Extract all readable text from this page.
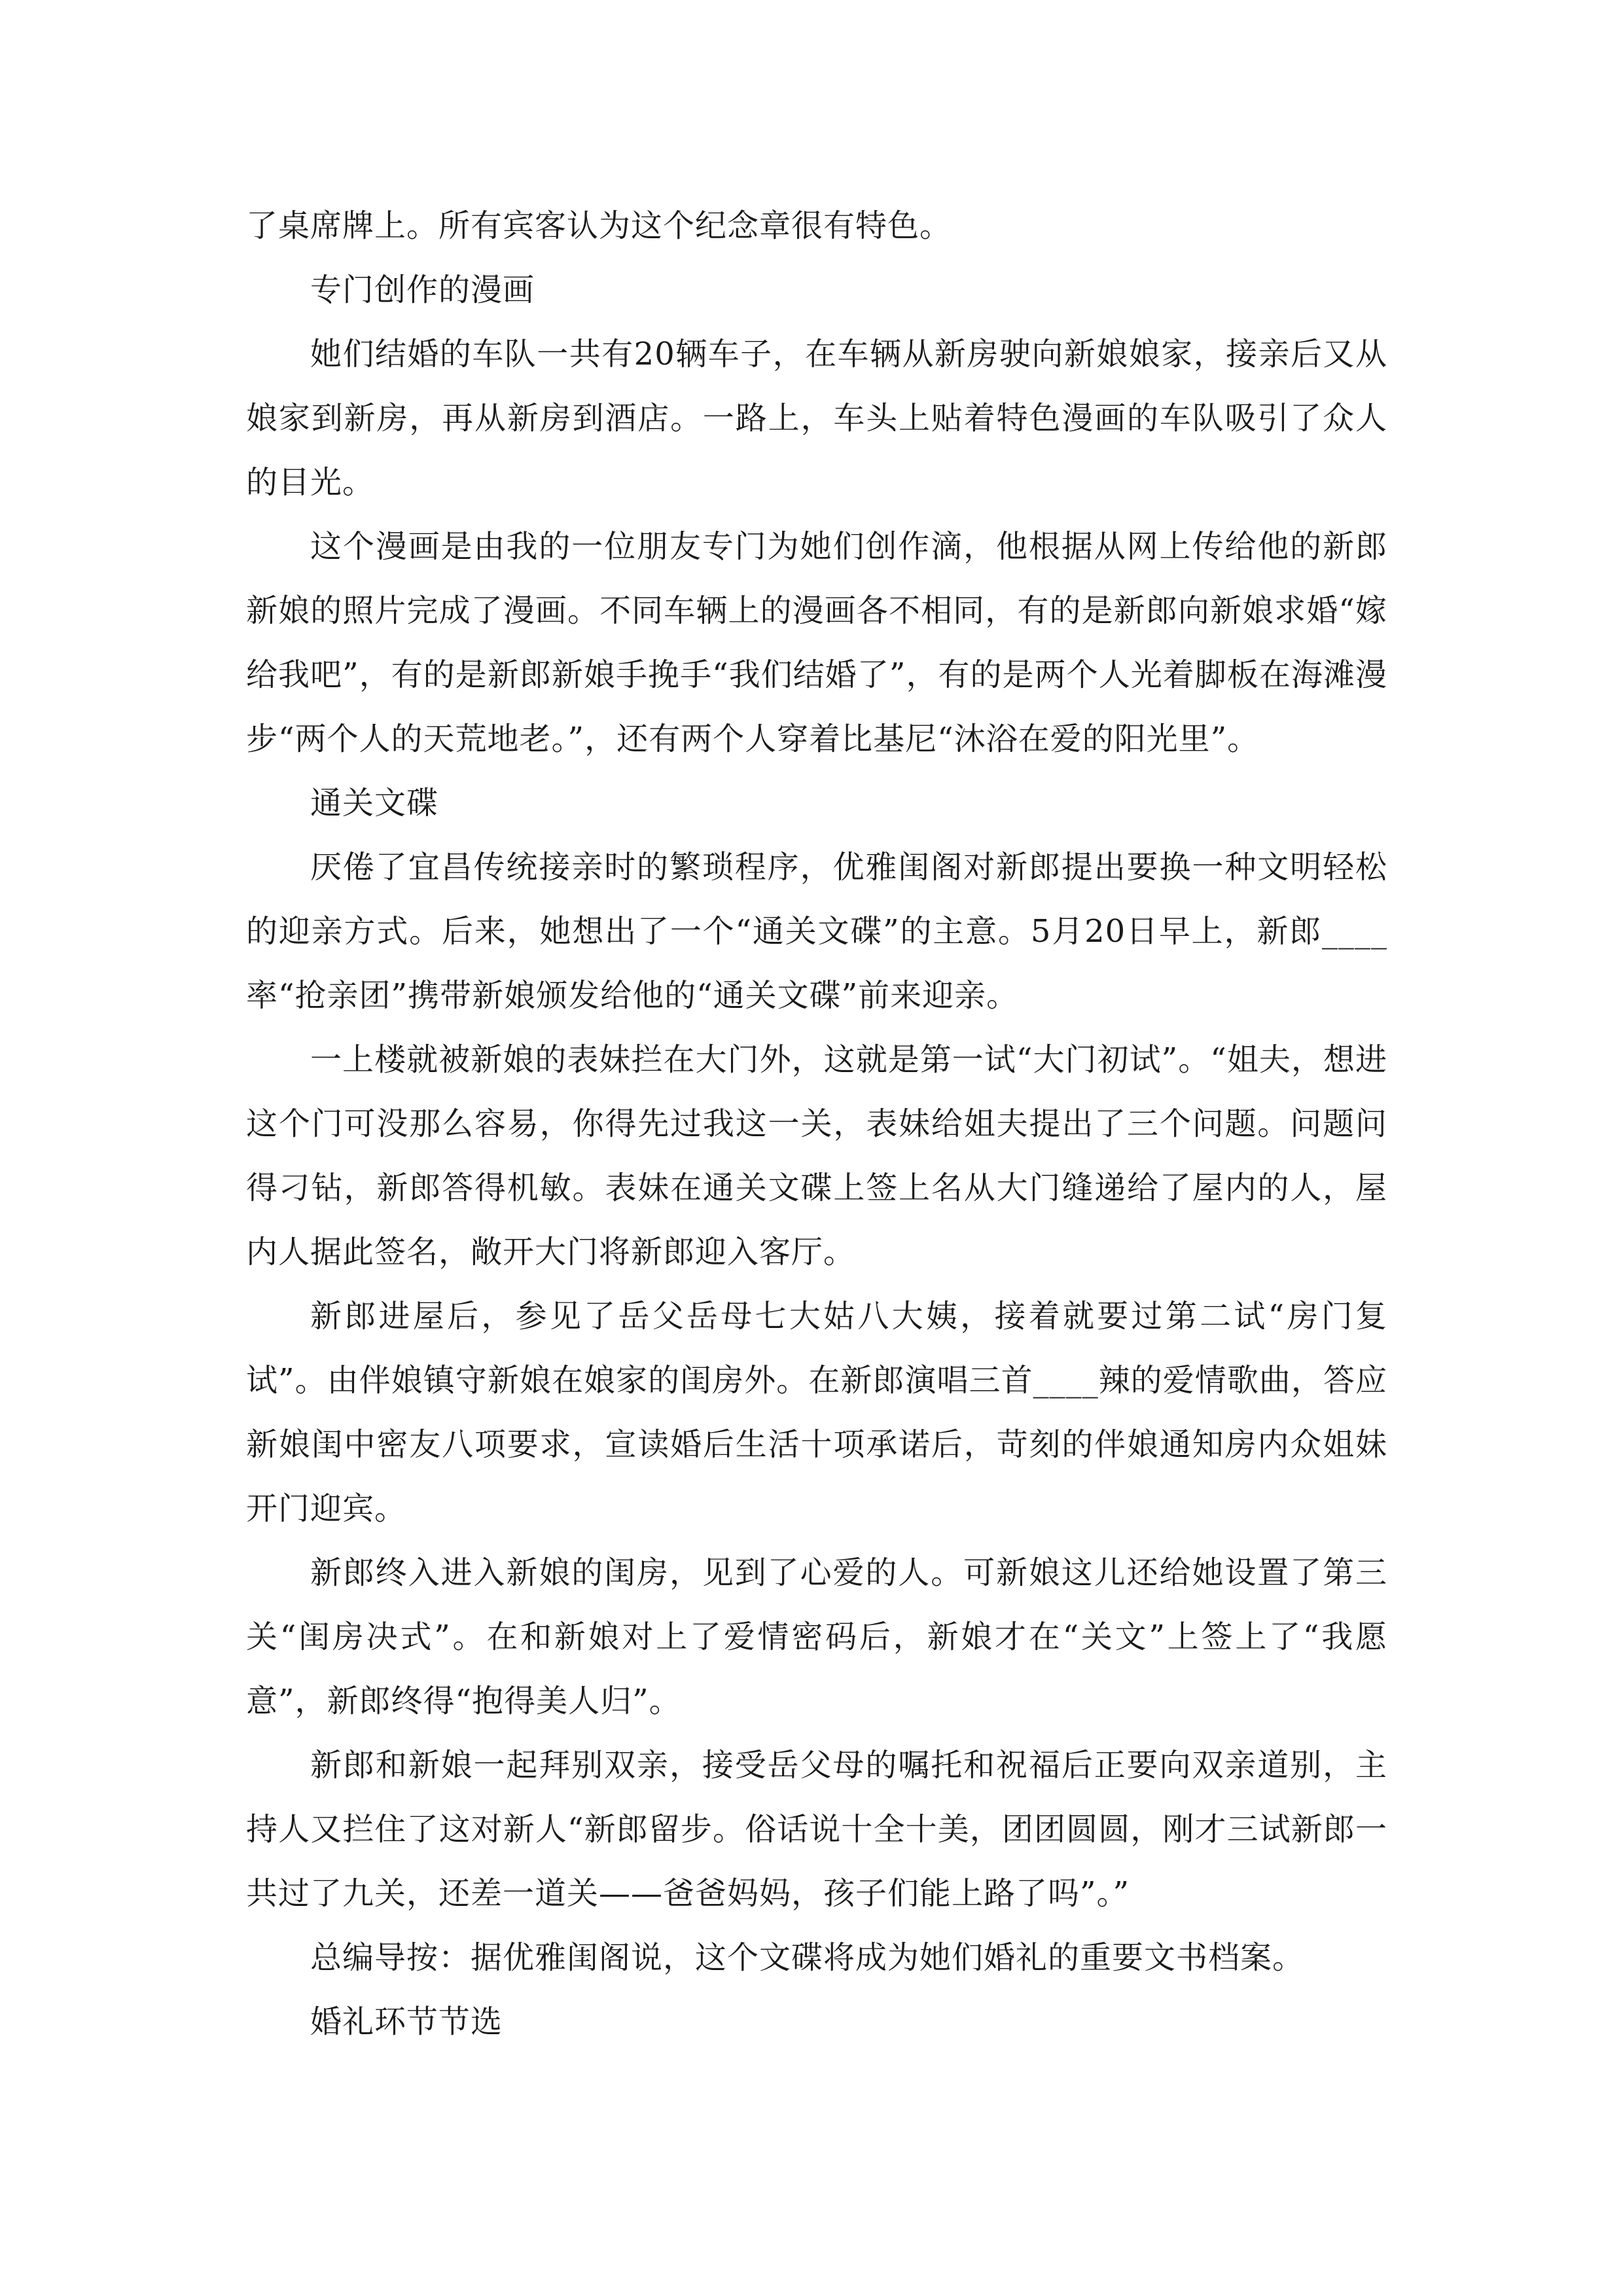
了桌席牌上。所有宾客认为这个纪念章很有特色。

专门创作的漫画

她们结婚的车队一共有20辆车子，在车辆从新房驶向新娘娘家，接亲后又从娘家到新房，再从新房到酒店。一路上，车头上贴着特色漫画的车队吸引了众人的目光。

这个漫画是由我的一位朋友专门为她们创作滴，他根据从网上传给他的新郎新娘的照片完成了漫画。不同车辆上的漫画各不相同，有的是新郎向新娘求婚“嫁给我吧”，有的是新郎新娘手挽手“我们结婚了”，有的是两个人光着脚板在海滩漫步“两个人的天荒地老。”，还有两个人穿着比基尼“沐浴在爱的阳光里”。

通关文碟

厌倦了宜昌传统接亲时的繁琐程序，优雅闺阁对新郎提出要换一种文明轻松的迎亲方式。后来，她想出了一个“通关文碟”的主意。5月20日早上，新郎____率“抢亲团”携带新娘颁发给他的“通关文碟”前来迎亲。

一上楼就被新娘的表妹拦在大门外，这就是第一试“大门初试”。“姐夫，想进这个门可没那么容易，你得先过我这一关，表妹给姐夫提出了三个问题。问题问得刁钻，新郎答得机敏。表妹在通关文碟上签上名从大门缝递给了屋内的人，屋内人据此签名，敞开大门将新郎迎入客厅。

新郎进屋后，参见了岳父岳母七大姑八大姨，接着就要过第二试“房门复试”。由伴娘镇守新娘在娘家的闺房外。在新郎演唱三首____辣的爱情歌曲，答应新娘闺中密友八项要求，宣读婚后生活十项承诺后，苛刻的伴娘通知房内众姐妹开门迎宾。

新郎终入进入新娘的闺房，见到了心爱的人。可新娘这儿还给她设置了第三关“闺房决式”。在和新娘对上了爱情密码后，新娘才在“关文”上签上了“我愿意”，新郎终得“抱得美人归”。

新郎和新娘一起拜别双亲，接受岳父母的嘱托和祝福后正要向双亲道别，主持人又拦住了这对新人“新郎留步。俗话说十全十美，团团圆圆，刚才三试新郎一共过了九关，还差一道关——爸爸妈妈，孩子们能上路了吗”。”

总编导按：据优雅闺阁说，这个文碟将成为她们婚礼的重要文书档案。

婚礼环节节选
